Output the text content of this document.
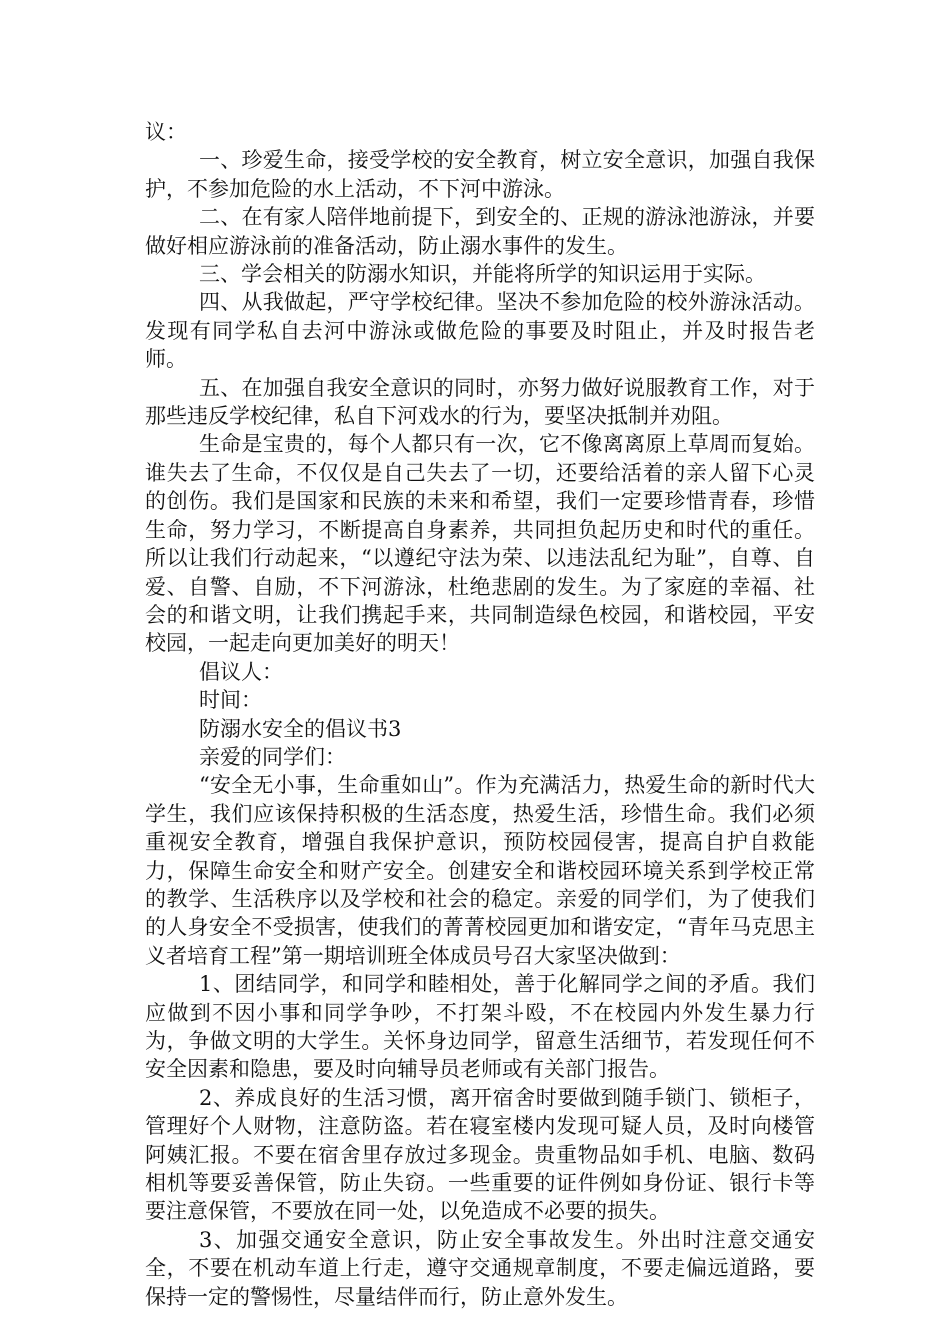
议：

一、珍爱生命，接受学校的安全教育，树立安全意识，加强自我保护，不参加危险的水上活动，不下河中游泳。

二、在有家人陪伴地前提下，到安全的、正规的游泳池游泳，并要做好相应游泳前的准备活动，防止溺水事件的发生。

三、学会相关的防溺水知识，并能将所学的知识运用于实际。

四、从我做起，严守学校纪律。坚决不参加危险的校外游泳活动。发现有同学私自去河中游泳或做危险的事要及时阻止，并及时报告老师。

五、在加强自我安全意识的同时，亦努力做好说服教育工作，对于那些违反学校纪律，私自下河戏水的行为，要坚决抵制并劝阻。

生命是宝贵的，每个人都只有一次，它不像离离原上草周而复始。谁失去了生命，不仅仅是自己失去了一切，还要给活着的亲人留下心灵的创伤。我们是国家和民族的未来和希望，我们一定要珍惜青春，珍惜生命，努力学习，不断提高自身素养，共同担负起历史和时代的重任。所以让我们行动起来，“以遵纪守法为荣、以违法乱纪为耻”，自尊、自爱、自警、自励，不下河游泳，杜绝悲剧的发生。为了家庭的幸福、社会的和谐文明，让我们携起手来，共同制造绿色校园，和谐校园，平安校园，一起走向更加美好的明天！

倡议人：

时间：

防溺水安全的倡议书3

亲爱的同学们：

“安全无小事，生命重如山”。作为充满活力，热爱生命的新时代大学生，我们应该保持积极的生活态度，热爱生活，珍惜生命。我们必须重视安全教育，增强自我保护意识，预防校园侵害，提高自护自救能力，保障生命安全和财产安全。创建安全和谐校园环境关系到学校正常的教学、生活秩序以及学校和社会的稳定。亲爱的同学们，为了使我们的人身安全不受损害，使我们的菁菁校园更加和谐安定，“青年马克思主义者培育工程”第一期培训班全体成员号召大家坚决做到：

1、团结同学，和同学和睦相处，善于化解同学之间的矛盾。我们应做到不因小事和同学争吵，不打架斗殴，不在校园内外发生暴力行为，争做文明的大学生。关怀身边同学，留意生活细节，若发现任何不安全因素和隐患，要及时向辅导员老师或有关部门报告。

2、养成良好的生活习惯，离开宿舍时要做到随手锁门、锁柜子，管理好个人财物，注意防盗。若在寝室楼内发现可疑人员，及时向楼管阿姨汇报。不要在宿舍里存放过多现金。贵重物品如手机、电脑、数码相机等要妥善保管，防止失窃。一些重要的证件例如身份证、银行卡等要注意保管，不要放在同一处，以免造成不必要的损失。

3、加强交通安全意识，防止安全事故发生。外出时注意交通安全，不要在机动车道上行走，遵守交通规章制度，不要走偏远道路，要保持一定的警惕性，尽量结伴而行，防止意外发生。
